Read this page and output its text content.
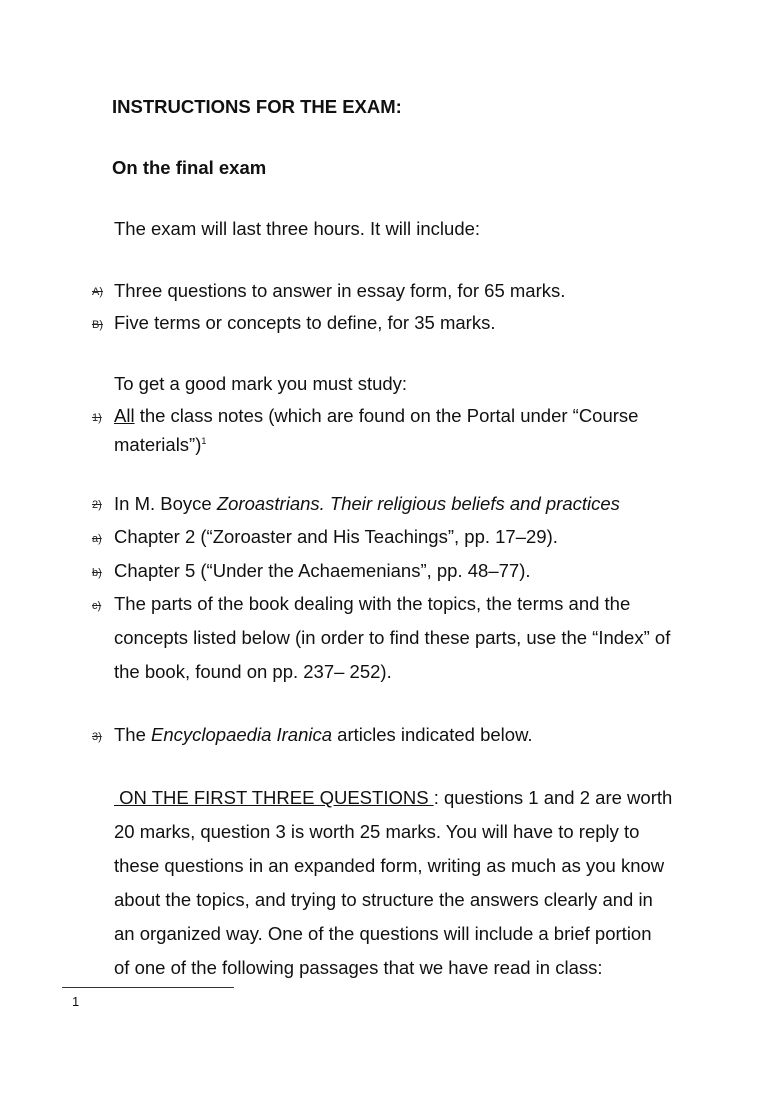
INSTRUCTIONS FOR THE EXAM:
On the final exam
The exam will last three hours. It will include:
A) Three questions to answer in essay form, for 65 marks.
B) Five terms or concepts to define, for 35 marks.
To get a good mark you must study:
1) All the class notes (which are found on the Portal under “Course
materials”)$^1$
2) In M. Boyce Zoroastrians. Their religious beliefs and practices
a) Chapter 2 (“Zoroaster and His Teachings”, pp. 17–29).
b) Chapter 5 (“Under the Achaemenians”, pp. 48–77).
c) The parts of the book dealing with the topics, the terms and the
concepts listed below (in order to find these parts, use the “Index” of
the book, found on pp. 237– 252).
3) The Encyclopaedia Iranica articles indicated below.
ON THE FIRST THREE QUESTIONS : questions 1 and 2 are worth
20 marks, question 3 is worth 25 marks. You will have to reply to
these questions in an expanded form, writing as much as you know
about the topics, and trying to structure the answers clearly and in
an organized way. One of the questions will include a brief portion
of one of the following passages that we have read in class:
1
